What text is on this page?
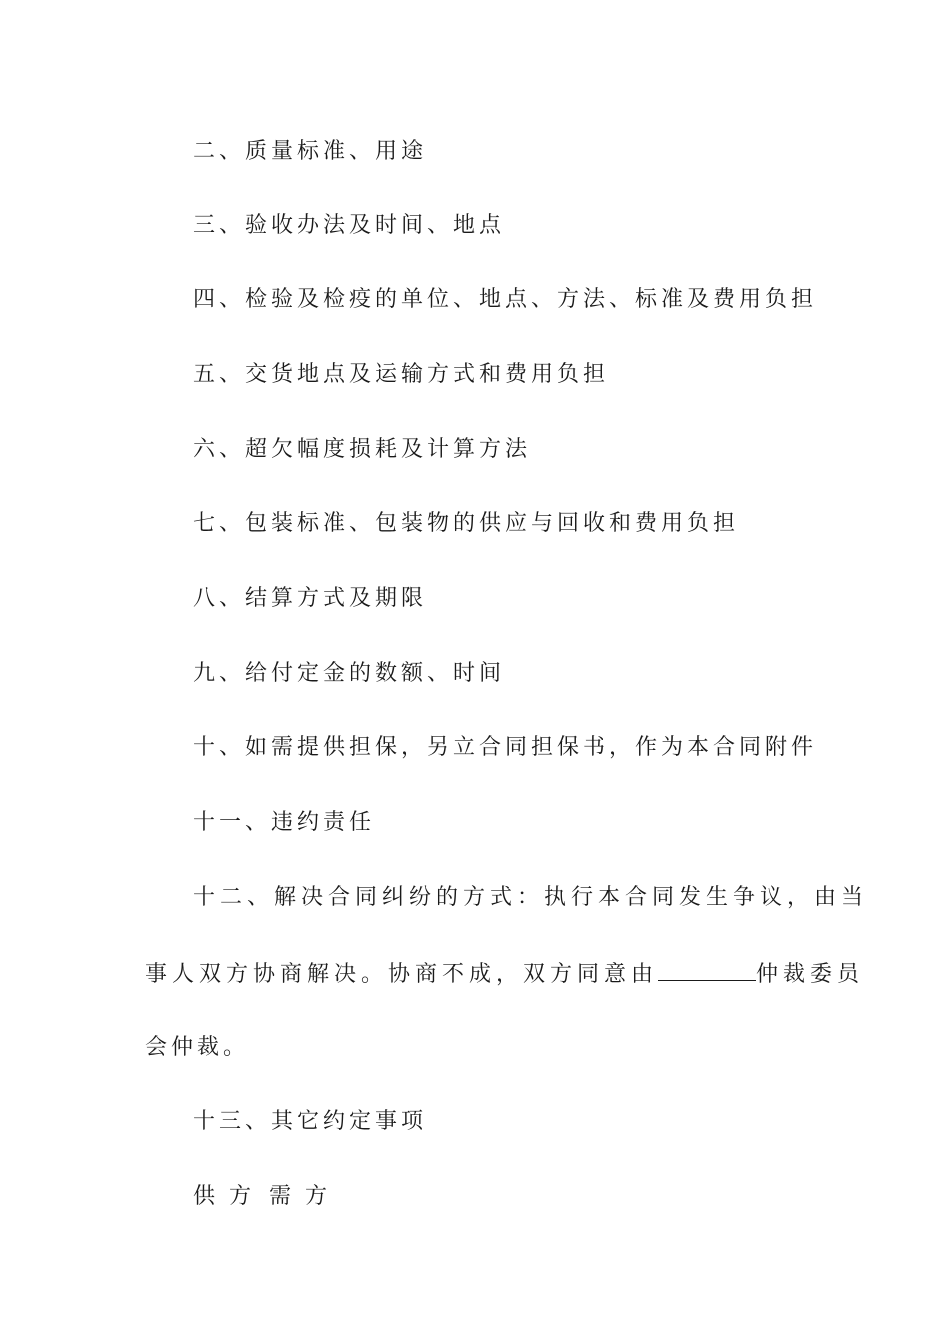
二、质量标准、用途
三、验收办法及时间、地点
四、检验及检疫的单位、地点、方法、标准及费用负担
五、交货地点及运输方式和费用负担
六、超欠幅度损耗及计算方法
七、包装标准、包装物的供应与回收和费用负担
八、结算方式及期限
九、给付定金的数额、时间
十、如需提供担保，另立合同担保书，作为本合同附件
十一、违约责任
十二、解决合同纠纷的方式：执行本合同发生争议，由当
事人双方协商解决。协商不成，双方同意由	仲裁委员
会仲裁。
十三、其它约定事项
供方 需方
